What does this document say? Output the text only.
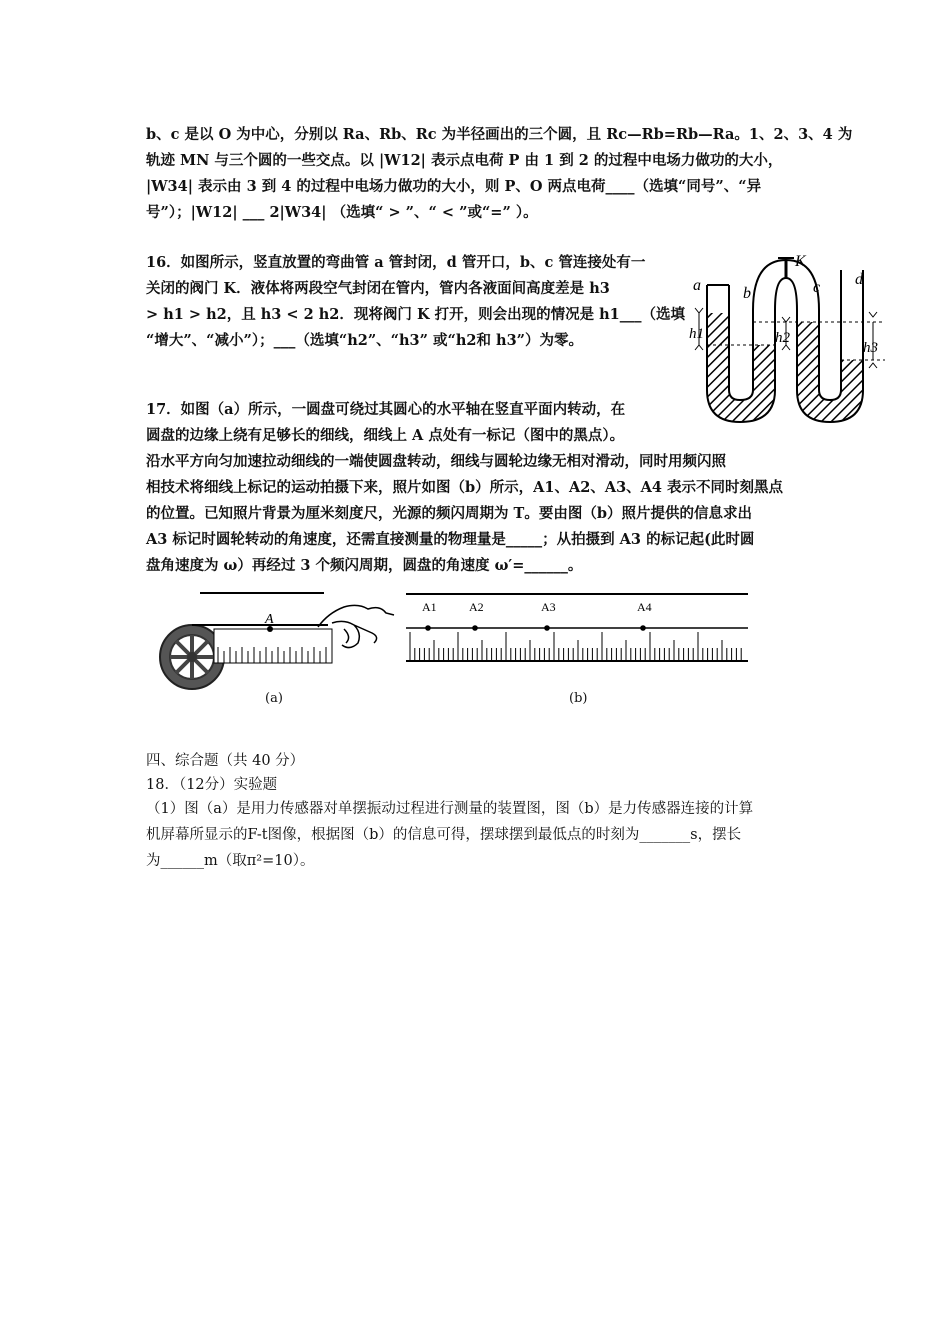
b、c 是以 O 为中心，分别以 Ra、Rb、Rc 为半径画出的三个圆，且 Rc—Rb=Rb—Ra。1、2、3、4 为
轨迹 MN 与三个圆的一些交点。以 |W12| 表示点电荷 P 由 1 到 2 的过程中电场力做功的大小，
|W34| 表示由 3 到 4 的过程中电场力做功的大小，则 P、O 两点电荷____（选填“同号”、“异
号”）；|W12| ___ 2|W34| （选填“ > ”、“ < ”或“=” ）。
16．如图所示，竖直放置的弯曲管 a 管封闭，d 管开口，b、c 管连接处有一
关闭的阀门 K．液体将两段空气封闭在管内，管内各液面间高度差是 h3
> h1 > h2，且 h3 < 2 h2．现将阀门 K 打开，则会出现的情况是 h1___（选填
“增大”、“减小”）；___（选填“h2”、“h3” 或“h2和 h3”）为零。
K
a	b	c d
h1	h2
h3
17．如图（a）所示，一圆盘可绕过其圆心的水平轴在竖直平面内转动，在
圆盘的边缘上绕有足够长的细线，细线上 A 点处有一标记（图中的黑点）。
沿水平方向匀加速拉动细线的一端使圆盘转动，细线与圆轮边缘无相对滑动，同时用频闪照
相技术将细线上标记的运动拍摄下来，照片如图（b）所示，A1、A2、A3、A4 表示不同时刻黑点
的位置。已知照片背景为厘米刻度尺，光源的频闪周期为 T。要由图（b）照片提供的信息求出
A3 标记时圆轮转动的角速度，还需直接测量的物理量是_____；从拍摄到 A3 的标记起(此时圆
盘角速度为 ω）再经过 3 个频闪周期，圆盘的角速度 ω′=______。
A
(a)
A1	A2	A3	A4
(b)
四、综合题（共 40 分）
18．（12分）实验题
（1）图（a）是用力传感器对单摆振动过程进行测量的装置图，图（b）是力传感器连接的计算
机屏幕所显示的F-t图像，根据图（b）的信息可得，摆球摆到最低点的时刻为_______s，摆长
为______m（取π²=10）。
